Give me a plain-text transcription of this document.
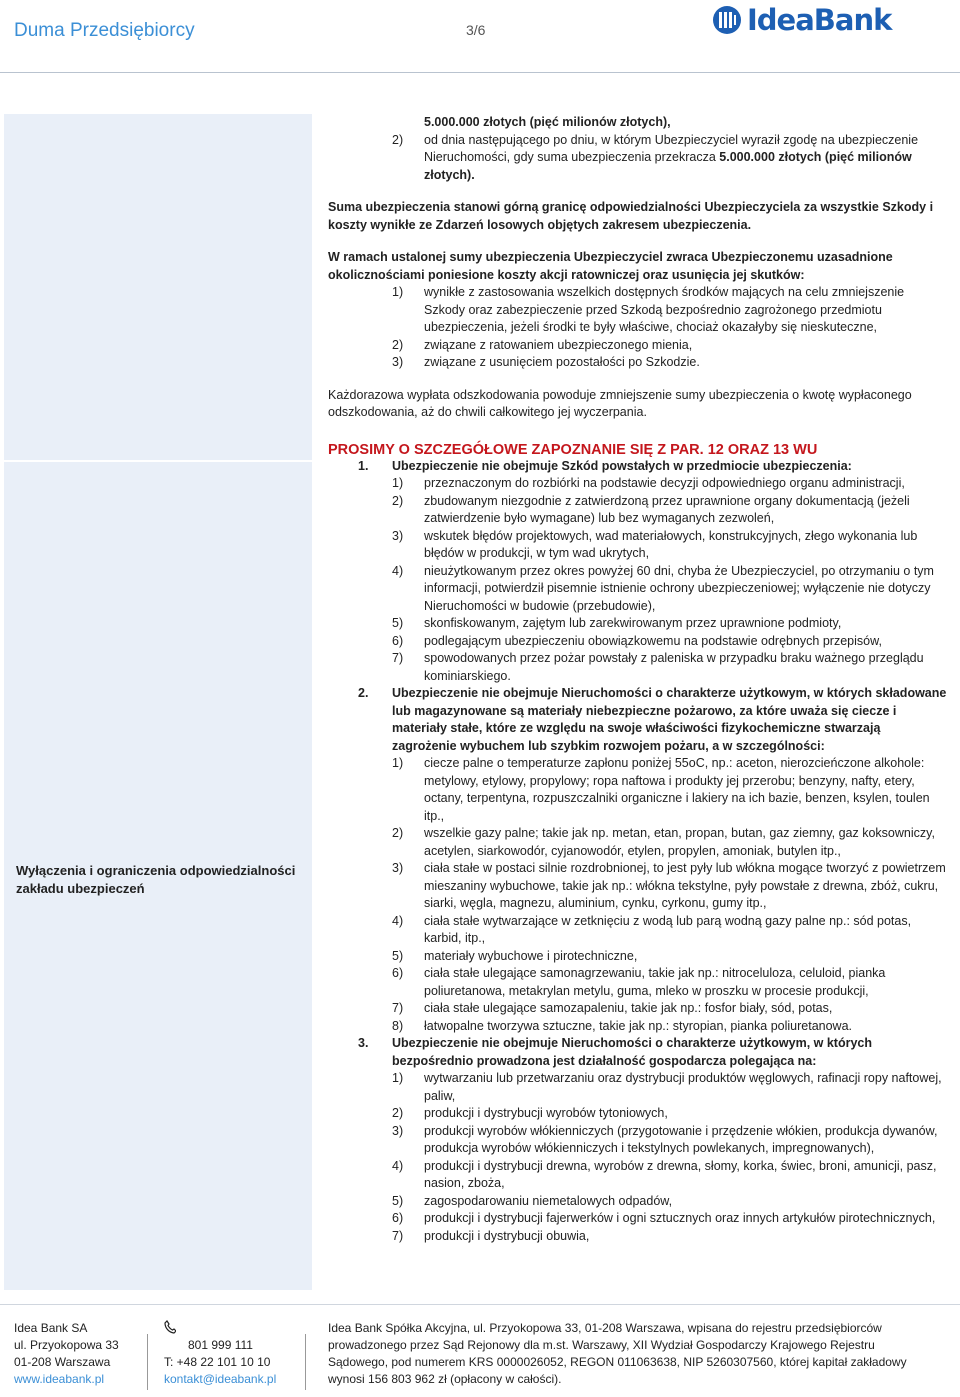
Duma Przedsiębiorcy	3/6	IdeaBank
Wyłączenia i ograniczenia odpowiedzialności zakładu ubezpieczeń

5.000.000 złotych (pięć milionów złotych),

2) od dnia następującego po dniu, w którym Ubezpieczyciel wyraził zgodę na ubezpieczenie Nieruchomości, gdy suma ubezpieczenia przekracza 5.000.000 złotych (pięć milionów złotych).

Suma ubezpieczenia stanowi górną granicę odpowiedzialności Ubezpieczyciela za wszystkie Szkody i koszty wynikłe ze Zdarzeń losowych objętych zakresem ubezpieczenia.

W ramach ustalonej sumy ubezpieczenia Ubezpieczyciel zwraca Ubezpieczonemu uzasadnione okolicznościami poniesione koszty akcji ratowniczej oraz usunięcia jej skutków:

1) wynikłe z zastosowania wszelkich dostępnych środków mających na celu zmniejszenie Szkody oraz zabezpieczenie przed Szkodą bezpośrednio zagrożonego przedmiotu ubezpieczenia, jeżeli środki te były właściwe, chociaż okazałyby się nieskuteczne,

2) związane z ratowaniem ubezpieczonego mienia,

3) związane z usunięciem pozostałości po Szkodzie.

Każdorazowa wypłata odszkodowania powoduje zmniejszenie sumy ubezpieczenia o kwotę wypłaconego odszkodowania, aż do chwili całkowitego jej wyczerpania.

PROSIMY O SZCZEGÓŁOWE ZAPOZNANIE SIĘ Z PAR. 12 ORAZ 13 WU

1. Ubezpieczenie nie obejmuje Szkód powstałych w przedmiocie ubezpieczenia:

1) przeznaczonym do rozbiórki na podstawie decyzji odpowiedniego organu administracji,

2) zbudowanym niezgodnie z zatwierdzoną przez uprawnione organy dokumentacją (jeżeli zatwierdzenie było wymagane) lub bez wymaganych zezwoleń,

3) wskutek błędów projektowych, wad materiałowych, konstrukcyjnych, złego wykonania lub błędów w produkcji, w tym wad ukrytych,

4) nieużytkowanym przez okres powyżej 60 dni, chyba że Ubezpieczyciel, po otrzymaniu o tym informacji, potwierdził pisemnie istnienie ochrony ubezpieczeniowej; wyłączenie nie dotyczy Nieruchomości w budowie (przebudowie),

5) skonfiskowanym, zajętym lub zarekwirowanym przez uprawnione podmioty,

6) podlegającym ubezpieczeniu obowiązkowemu na podstawie odrębnych przepisów,

7) spowodowanych przez pożar powstały z paleniska w przypadku braku ważnego przeglądu kominiarskiego.

2. Ubezpieczenie nie obejmuje Nieruchomości o charakterze użytkowym, w których składowane lub magazynowane są materiały niebezpieczne pożarowo, za które uważa się ciecze i materiały stałe, które ze względu na swoje właściwości fizykochemiczne stwarzają zagrożenie wybuchem lub szybkim rozwojem pożaru, a w szczególności:

1) ciecze palne o temperaturze zapłonu poniżej 55oC, np.: aceton, nierozcieńczone alkohole: metylowy, etylowy, propylowy; ropa naftowa i produkty jej przerobu; benzyny, nafty, etery, octany, terpentyna, rozpuszczalniki organiczne i lakiery na ich bazie, benzen, ksylen, toulen itp.,

2) wszelkie gazy palne; takie jak np. metan, etan, propan, butan, gaz ziemny, gaz koksowniczy, acetylen, siarkowodór, cyjanowodór, etylen, propylen, amoniak, butylen itp.,

3) ciała stałe w postaci silnie rozdrobnionej, to jest pyły lub włókna mogące tworzyć z powietrzem mieszaniny wybuchowe, takie jak np.: włókna tekstylne, pyły powstałe z drewna, zbóż, cukru, siarki, węgla, magnezu, aluminium, cynku, cyrkonu, gumy itp.,

4) ciała stałe wytwarzające w zetknięciu z wodą lub parą wodną gazy palne np.: sód potas, karbid, itp.,

5) materiały wybuchowe i pirotechniczne,

6) ciała stałe ulegające samonagrzewaniu, takie jak np.: nitroceluloza, celuloid, pianka poliuretanowa, metakrylan metylu, guma, mleko w proszku w procesie produkcji,

7) ciała stałe ulegające samozapaleniu, takie jak np.: fosfor biały, sód, potas,

8) łatwopalne tworzywa sztuczne, takie jak np.: styropian, pianka poliuretanowa.

3. Ubezpieczenie nie obejmuje Nieruchomości o charakterze użytkowym, w których bezpośrednio prowadzona jest działalność gospodarcza polegająca na:

1) wytwarzaniu lub przetwarzaniu oraz dystrybucji produktów węglowych, rafinacji ropy naftowej, paliw,

2) produkcji i dystrybucji wyrobów tytoniowych,

3) produkcji wyrobów włókienniczych (przygotowanie i przędzenie włókien, produkcja dywanów, produkcja wyrobów włókienniczych i tekstylnych powlekanych, impregnowanych),

4) produkcji i dystrybucji drewna, wyrobów z drewna, słomy, korka, świec, broni, amunicji, pasz, nasion, zboża,

5) zagospodarowaniu niemetalowych odpadów,

6) produkcji i dystrybucji fajerwerków i ogni sztucznych oraz innych artykułów pirotechnicznych,

7) produkcji i dystrybucji obuwia,

Idea Bank SA
ul. Przyokopowa 33
01-208 Warszawa
www.ideabank.pl
801 999 111
T: +48 22 101 10 10
kontakt@ideabank.pl
Idea Bank Spółka Akcyjna, ul. Przyokopowa 33, 01-208 Warszawa, wpisana do rejestru przedsiębiorców prowadzonego przez Sąd Rejonowy dla m.st. Warszawy, XII Wydział Gospodarczy Krajowego Rejestru Sądowego, pod numerem KRS 0000026052, REGON 011063638, NIP 5260307560, której kapitał zakładowy wynosi 156 803 962 zł (opłacony w całości).
